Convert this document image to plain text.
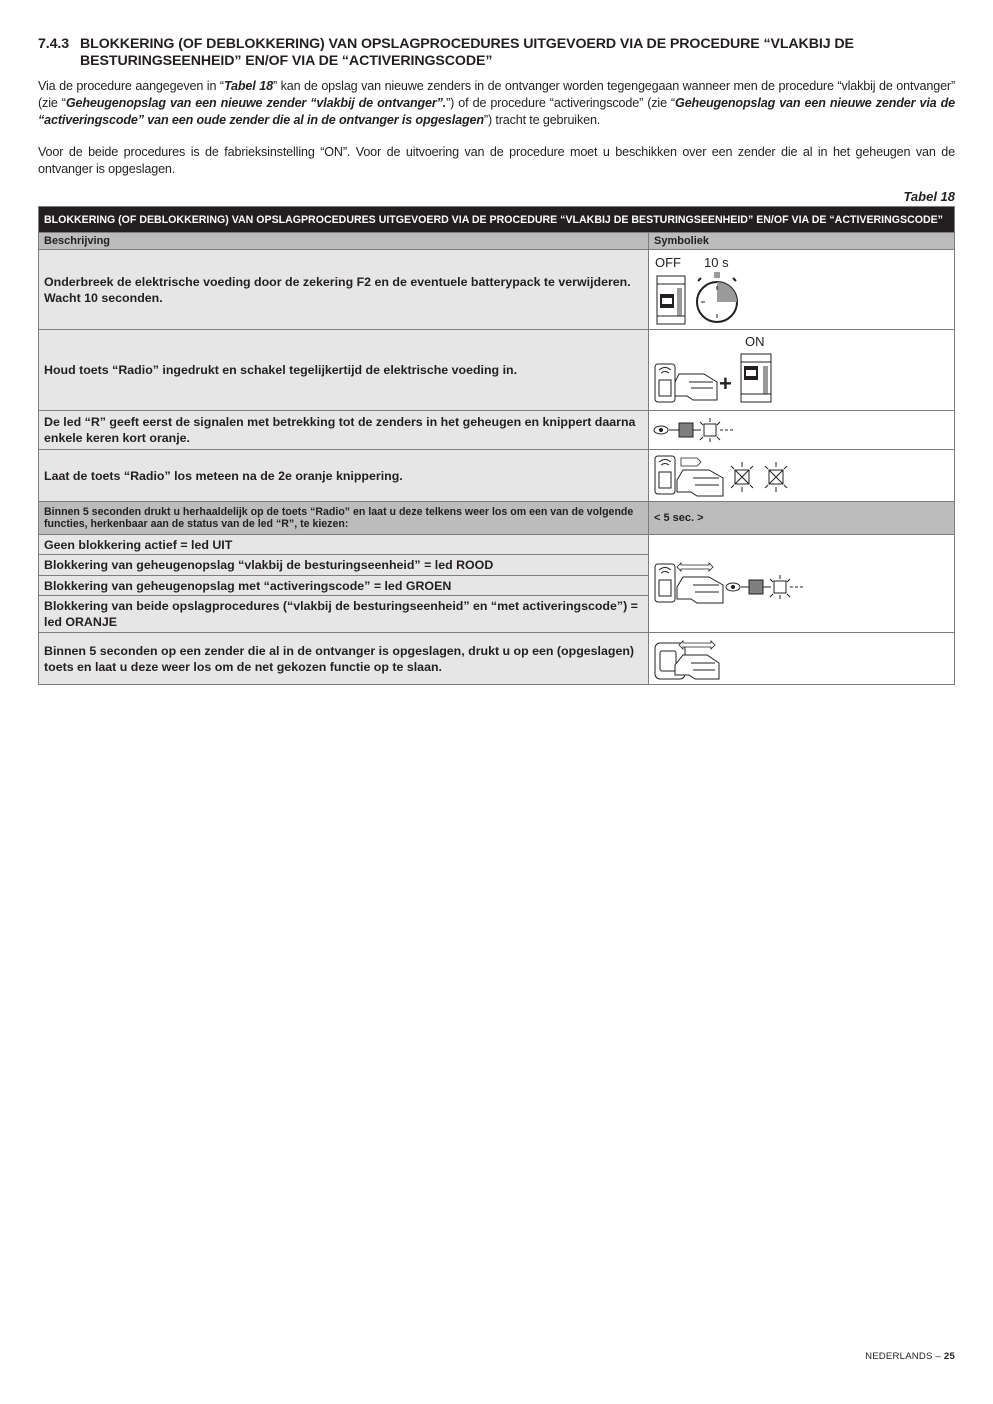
7.4.3 BLOKKERING (OF DEBLOKKERING) VAN OPSLAGPROCEDURES UITGEVOERD VIA DE PROCEDURE “VLAKBIJ DE BESTURINGSEENHEID” EN/OF VIA DE “ACTIVERINGSCODE”

Via de procedure aangegeven in “Tabel 18” kan de opslag van nieuwe zenders in de ontvanger worden tegengegaan wanneer men de procedure “vlakbij de ontvanger” (zie “Geheugenopslag van een nieuwe zender “vlakbij de ontvanger”.”) of de procedure “activeringscode” (zie “Geheugenopslag van een nieuwe zender via de “activeringscode” van een oude zender die al in de ontvanger is opgeslagen”) tracht te gebruiken.

Voor de beide procedures is de fabrieksinstelling “ON”. Voor de uitvoering van de procedure moet u beschikken over een zender die al in het geheugen van de ontvanger is opgeslagen.

Tabel 18
BLOKKERING (OF DEBLOKKERING) VAN OPSLAGPROCEDURES UITGEVOERD VIA DE PROCEDURE “VLAKBIJ DE BESTURINGSEENHEID” EN/OF VIA DE “ACTIVERINGSCODE”	
Beschrijving	Symboliek
Onderbreek de elektrische voeding door de zekering F2 en de eventuele batterypack te verwijderen. Wacht 10 seconden.	OFF 10 s

Houd toets “Radio” ingedrukt en schakel tegelijkertijd de elektrische voeding in.	ON
+

De led “R” geeft eerst de signalen met betrekking tot de zenders in het geheugen en knippert daarna enkele keren kort oranje.	

Laat de toets “Radio” los meteen na de 2e oranje knippering.	

Binnen 5 seconden drukt u herhaaldelijk op de toets “Radio” en laat u deze telkens weer los om een van de volgende functies, herkenbaar aan de status van de led “R”, te kiezen:	< 5 sec. >
Geen blokkering actief = led UIT	

Blokkering van geheugenopslag “vlakbij de besturingseenheid” = led ROOD	
Blokkering van geheugenopslag met “activeringscode” = led GROEN	
Blokkering van beide opslagprocedures (“vlakbij de besturingseenheid” en “met activeringscode”) = led ORANJE	
Binnen 5 seconden op een zender die al in de ontvanger is opgeslagen, drukt u op een (opgeslagen) toets en laat u deze weer los om de net gekozen functie op te slaan.	
NEDERLANDS – 25
